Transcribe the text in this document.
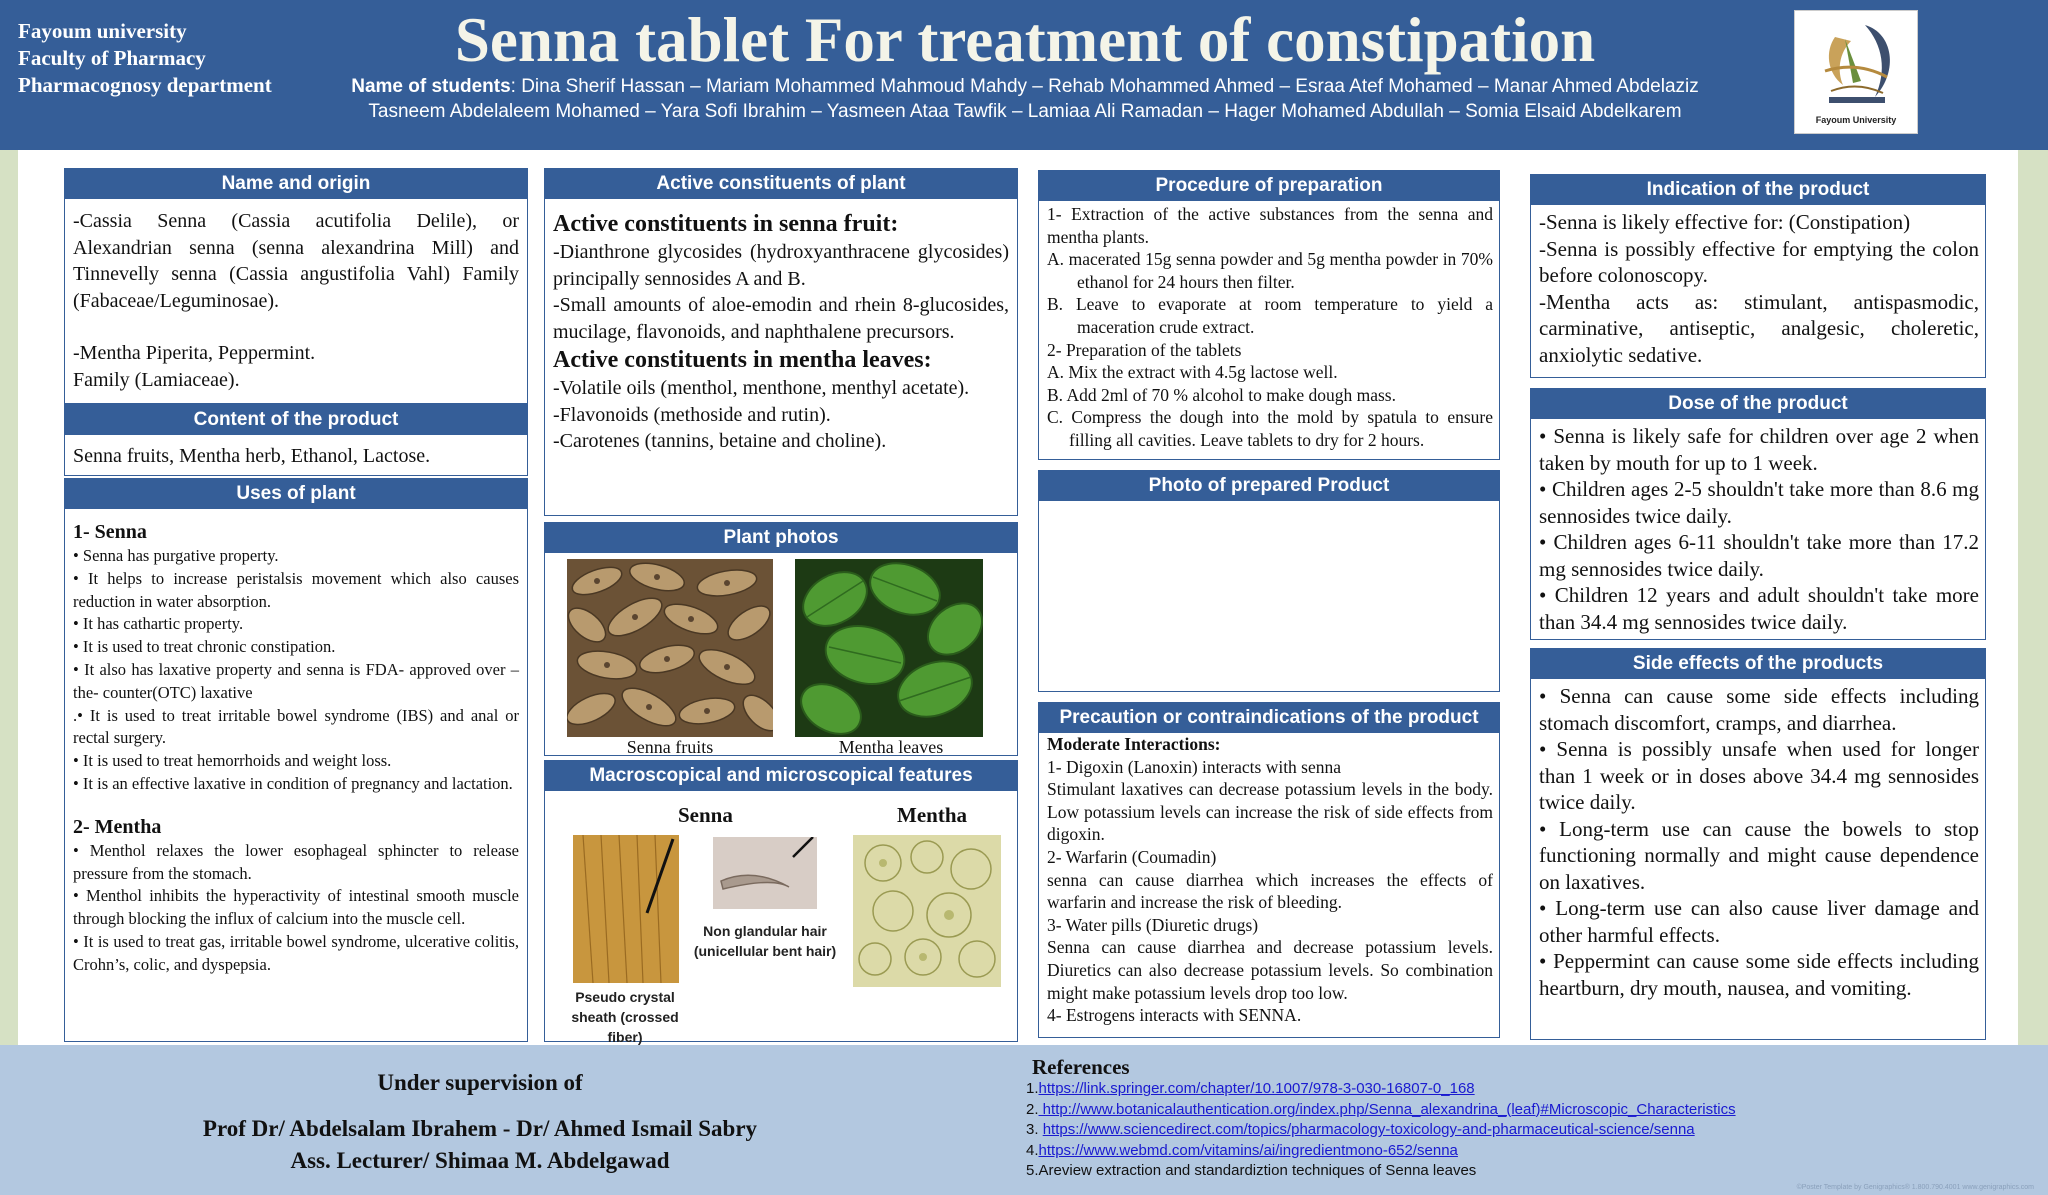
Fayoum university
Faculty of Pharmacy
Pharmacognosy department
Senna tablet For treatment of constipation
Name of students: Dina Sherif Hassan – Mariam Mohammed Mahmoud Mahdy – Rehab Mohammed Ahmed – Esraa Atef Mohamed – Manar Ahmed Abdelaziz
Tasneem Abdelaleem Mohamed – Yara Sofi Ibrahim – Yasmeen Ataa Tawfik – Lamiaa Ali Ramadan – Hager Mohamed Abdullah – Somia Elsaid Abdelkarem	Fayoum University
Name and origin
-Cassia Senna (Cassia acutifolia Delile), or Alexandrian senna (senna alexandrina Mill) and Tinnevelly senna (Cassia angustifolia Vahl) Family (Fabaceae/Leguminosae).
-Mentha Piperita, Peppermint.
Family (Lamiaceae).
Content of the product
Senna fruits, Mentha herb, Ethanol, Lactose.
Uses of plant
1- Senna
• Senna has purgative property.
• It helps to increase peristalsis movement which also causes reduction in water absorption.
• It has cathartic property.
• It is used to treat chronic constipation.
• It also has laxative property and senna is FDA- approved over –the- counter(OTC) laxative
.• It is used to treat irritable bowel syndrome (IBS) and anal or rectal surgery.
• It is used to treat hemorrhoids and weight loss.
• It is an effective laxative in condition of pregnancy and lactation.
2- Mentha
• Menthol relaxes the lower esophageal sphincter to release pressure from the stomach.
• Menthol inhibits the hyperactivity of intestinal smooth muscle through blocking the influx of calcium into the muscle cell.
• It is used to treat gas, irritable bowel syndrome, ulcerative colitis, Crohn’s, colic, and dyspepsia.
Active constituents of plant
Active constituents in senna fruit:
-Dianthrone glycosides (hydroxyanthracene glycosides) principally sennosides A and B.
-Small amounts of aloe-emodin and rhein 8-glucosides, mucilage, flavonoids, and naphthalene precursors.
Active constituents in mentha leaves:
-Volatile oils (menthol, menthone, menthyl acetate).
-Flavonoids (methoside and rutin).
-Carotenes (tannins, betaine and choline).
Plant photos
Senna fruits	Mentha leaves
Macroscopical and microscopical features
Senna	Mentha
Pseudo crystal sheath (crossed fiber)
Non glandular hair (unicellular bent hair)
Procedure of preparation
1- Extraction of the active substances from the senna and mentha plants.
A. macerated 15g senna powder and 5g mentha powder in 70% ethanol for 24 hours then filter.
B. Leave to evaporate at room temperature to yield a maceration crude extract.
2- Preparation of the tablets
A. Mix the extract with 4.5g lactose well.
B. Add 2ml of 70 % alcohol to make dough mass.
C. Compress the dough into the mold by spatula to ensure filling all cavities. Leave tablets to dry for 2 hours.
Photo of prepared Product
Precaution or contraindications of the product
Moderate Interactions:
1- Digoxin (Lanoxin) interacts with senna
Stimulant laxatives can decrease potassium levels in the body. Low potassium levels can increase the risk of side effects from digoxin.
2- Warfarin (Coumadin)
senna can cause diarrhea which increases the effects of warfarin and increase the risk of bleeding.
3- Water pills (Diuretic drugs)
Senna can cause diarrhea and decrease potassium levels. Diuretics can also decrease potassium levels. So combination might make potassium levels drop too low.
4- Estrogens interacts with SENNA.
Indication of the product
-Senna is likely effective for: (Constipation)
-Senna is possibly effective for emptying the colon before colonoscopy.
-Mentha acts as: stimulant, antispasmodic, carminative, antiseptic, analgesic, choleretic, anxiolytic sedative.
Dose of the product
• Senna is likely safe for children over age 2 when taken by mouth for up to 1 week.
• Children ages 2-5 shouldn't take more than 8.6 mg sennosides twice daily.
• Children ages 6-11 shouldn't take more than 17.2 mg sennosides twice daily.
• Children 12 years and adult shouldn't take more than 34.4 mg sennosides twice daily.
Side effects of the products
• Senna can cause some side effects including stomach discomfort, cramps, and diarrhea.
• Senna is possibly unsafe when used for longer than 1 week or in doses above 34.4 mg sennosides twice daily.
• Long-term use can cause the bowels to stop functioning normally and might cause dependence on laxatives.
• Long-term use can also cause liver damage and other harmful effects.
• Peppermint can cause some side effects including heartburn, dry mouth, nausea, and vomiting.
Under supervision of
Prof Dr/ Abdelsalam Ibrahem - Dr/ Ahmed Ismail Sabry
Ass. Lecturer/ Shimaa M. Abdelgawad
References
1.https://link.springer.com/chapter/10.1007/978-3-030-16807-0_168
2. http://www.botanicalauthentication.org/index.php/Senna_alexandrina_(leaf)#Microscopic_Characteristics
3. https://www.sciencedirect.com/topics/pharmacology-toxicology-and-pharmaceutical-science/senna
4.https://www.webmd.com/vitamins/ai/ingredientmono-652/senna
5.Areview extraction and standardiztion techniques of Senna leaves
©Poster Template by Genigraphics® 1.800.790.4001 www.genigraphics.com
